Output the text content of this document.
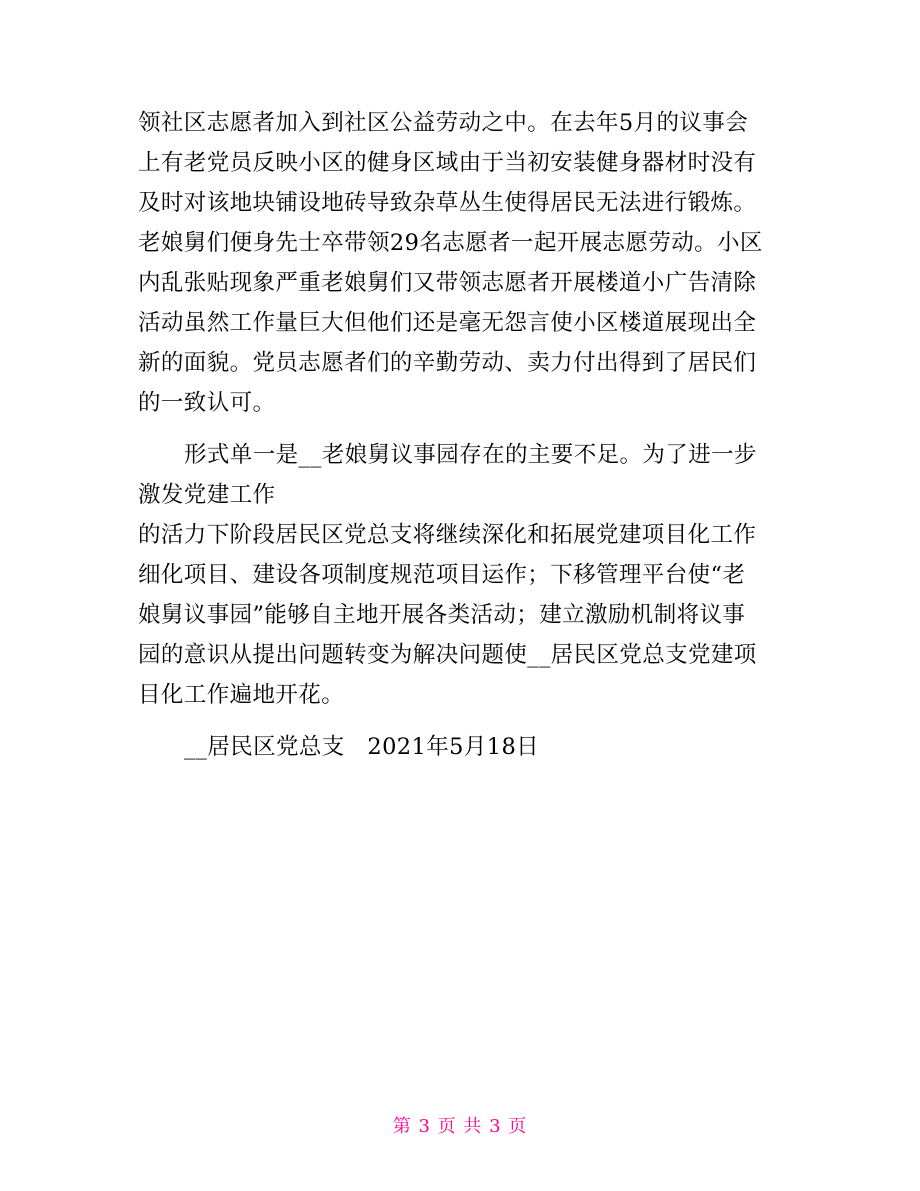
领社区志愿者加入到社区公益劳动之中。在去年5月的议事会
上有老党员反映小区的健身区域由于当初安装健身器材时没有
及时对该地块铺设地砖导致杂草丛生使得居民无法进行锻炼。
老娘舅们便身先士卒带领29名志愿者一起开展志愿劳动。小区
内乱张贴现象严重老娘舅们又带领志愿者开展楼道小广告清除
活动虽然工作量巨大但他们还是毫无怨言使小区楼道展现出全
新的面貌。党员志愿者们的辛勤劳动、卖力付出得到了居民们
的一致认可。
形式单一是__老娘舅议事园存在的主要不足。为了进一步
激发党建工作
的活力下阶段居民区党总支将继续深化和拓展党建项目化工作
细化项目、建设各项制度规范项目运作；下移管理平台使“老
娘舅议事园”能够自主地开展各类活动；建立激励机制将议事
园的意识从提出问题转变为解决问题使__居民区党总支党建项
目化工作遍地开花。
__居民区党总支   2021年5月18日
第 3 页 共 3 页
